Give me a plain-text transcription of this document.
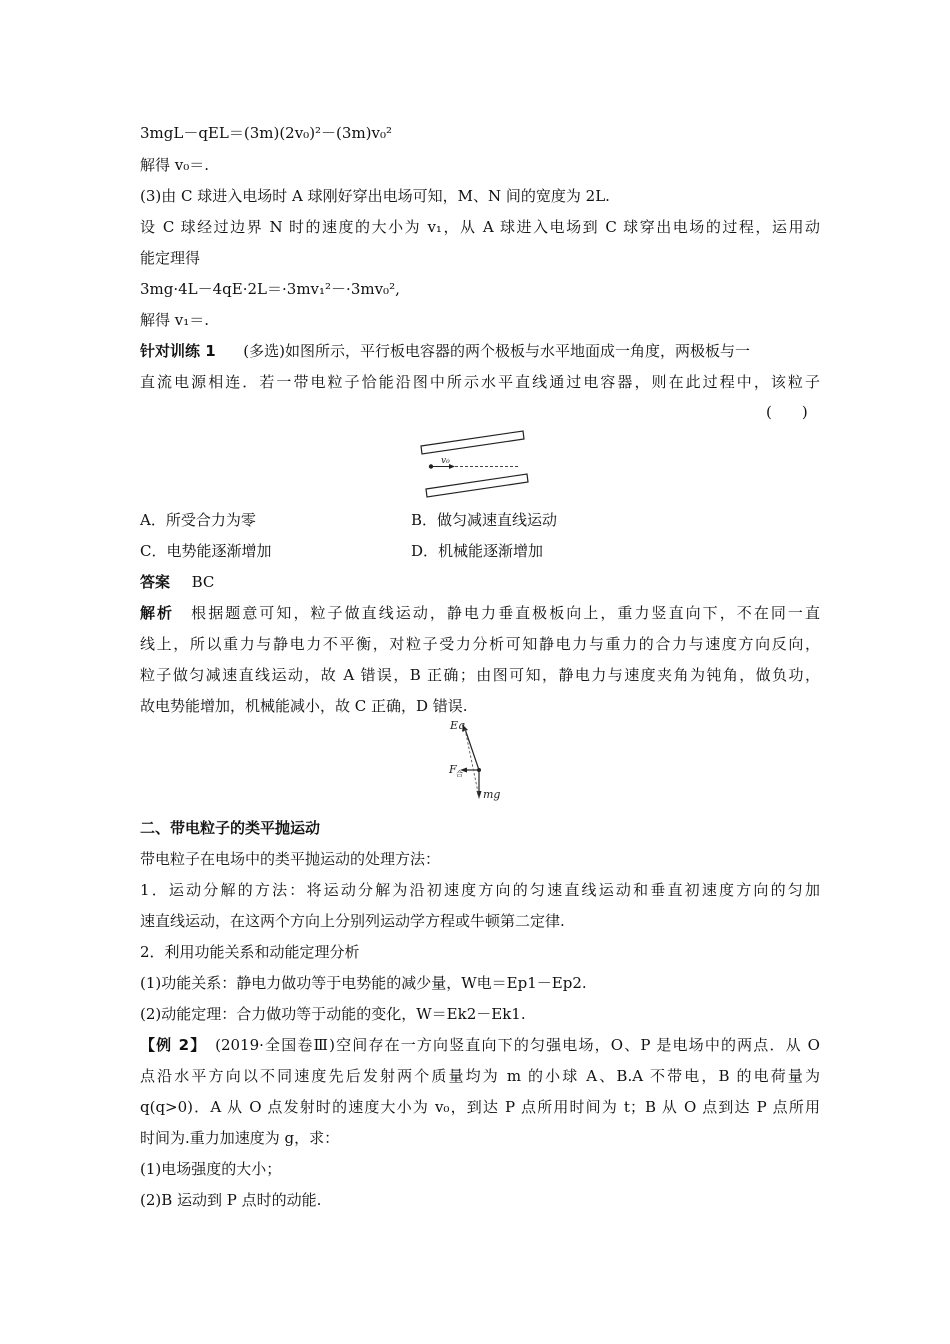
3mgL－qEL＝(3m)(2v₀)²－(3m)v₀²
解得 v₀＝.
(3)由 C 球进入电场时 A 球刚好穿出电场可知，M、N 间的宽度为 2L.
设 C 球经过边界 N 时的速度的大小为 v₁，从 A 球进入电场到 C 球穿出电场的过程，运用动
能定理得
3mg·4L－4qE·2L＝·3mv₁²－·3mv₀²,
解得 v₁＝.
针对训练 1 (多选)如图所示，平行板电容器的两个极板与水平地面成一角度，两极板与一
直流电源相连．若一带电粒子恰能沿图中所示水平直线通过电容器，则在此过程中，该粒子
(　　)
v₀
A．所受合力为零	B．做匀减速直线运动
C．电势能逐渐增加	D．机械能逐渐增加
答案 BC
解析　 根据题意可知，粒子做直线运动，静电力垂直极板向上，重力竖直向下，不在同一直
线上，所以重力与静电力不平衡，对粒子受力分析可知静电力与重力的合力与速度方向反向，
粒子做匀减速直线运动，故 A 错误，B 正确；由图可知，静电力与速度夹角为钝角，做负功，
故电势能增加，机械能减小，故 C 正确，D 错误.
Eq
F 合
mg
二、带电粒子的类平抛运动
带电粒子在电场中的类平抛运动的处理方法：
1．运动分解的方法：将运动分解为沿初速度方向的匀速直线运动和垂直初速度方向的匀加
速直线运动，在这两个方向上分别列运动学方程或牛顿第二定律.
2．利用功能关系和动能定理分析
(1)功能关系：静电力做功等于电势能的减少量，W电＝Ep1－Ep2.
(2)动能定理：合力做功等于动能的变化，W＝Ek2－Ek1.
【例 2】　 (2019·全国卷Ⅲ)空间存在一方向竖直向下的匀强电场，O、P 是电场中的两点．从 O
点沿水平方向以不同速度先后发射两个质量均为 m 的小球 A、B.A 不带电，B 的电荷量为
q(q>0)．A 从 O 点发射时的速度大小为 v₀，到达 P 点所用时间为 t；B 从 O 点到达 P 点所用
时间为.重力加速度为 g，求：
(1)电场强度的大小；
(2)B 运动到 P 点时的动能.
